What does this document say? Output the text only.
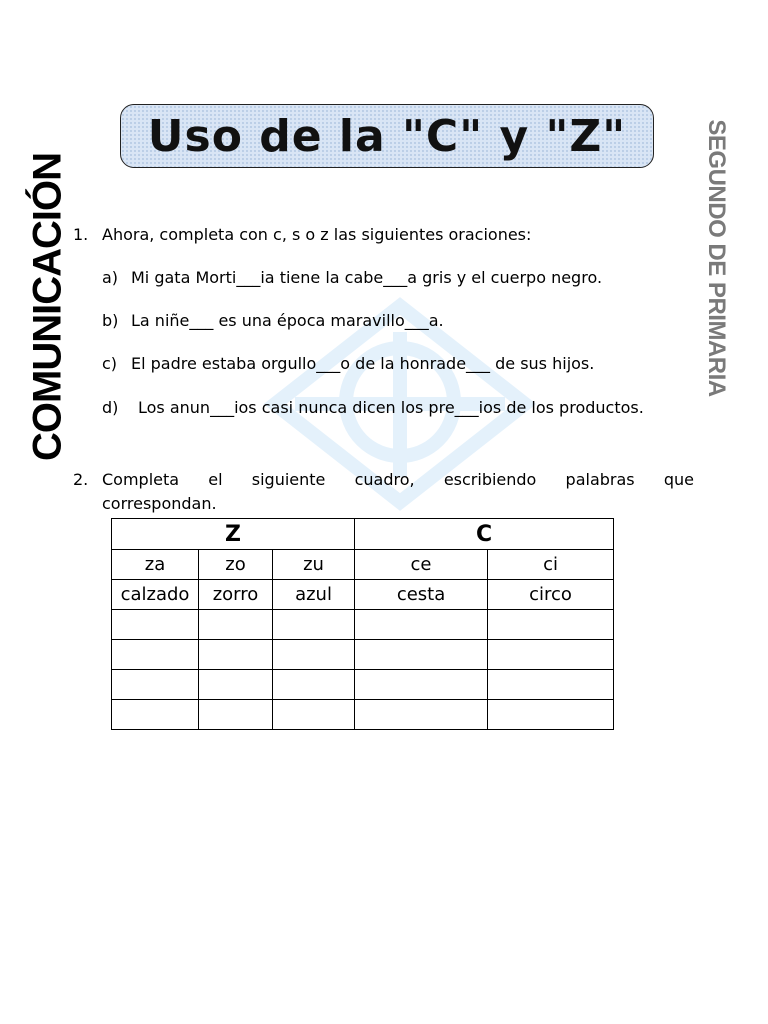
Uso de la "C" y "Z"
COMUNICACIÓN	SEGUNDO DE PRIMARIA
1. Ahora, completa con c, s o z las siguientes oraciones:
a) Mi gata Morti___ia tiene la cabe___a gris y el cuerpo negro.
b) La niñe___ es una época maravillo___a.
c) El padre estaba orgullo___o de la honrade___ de sus hijos.
d) Los anun___ios casi nunca dicen los pre___ios de los productos.
2. Completa el siguiente cuadro, escribiendo palabras que
correspondan.
Z			C	
za	zo	zu	ce	ci
calzado	zorro	azul	cesta	circo
